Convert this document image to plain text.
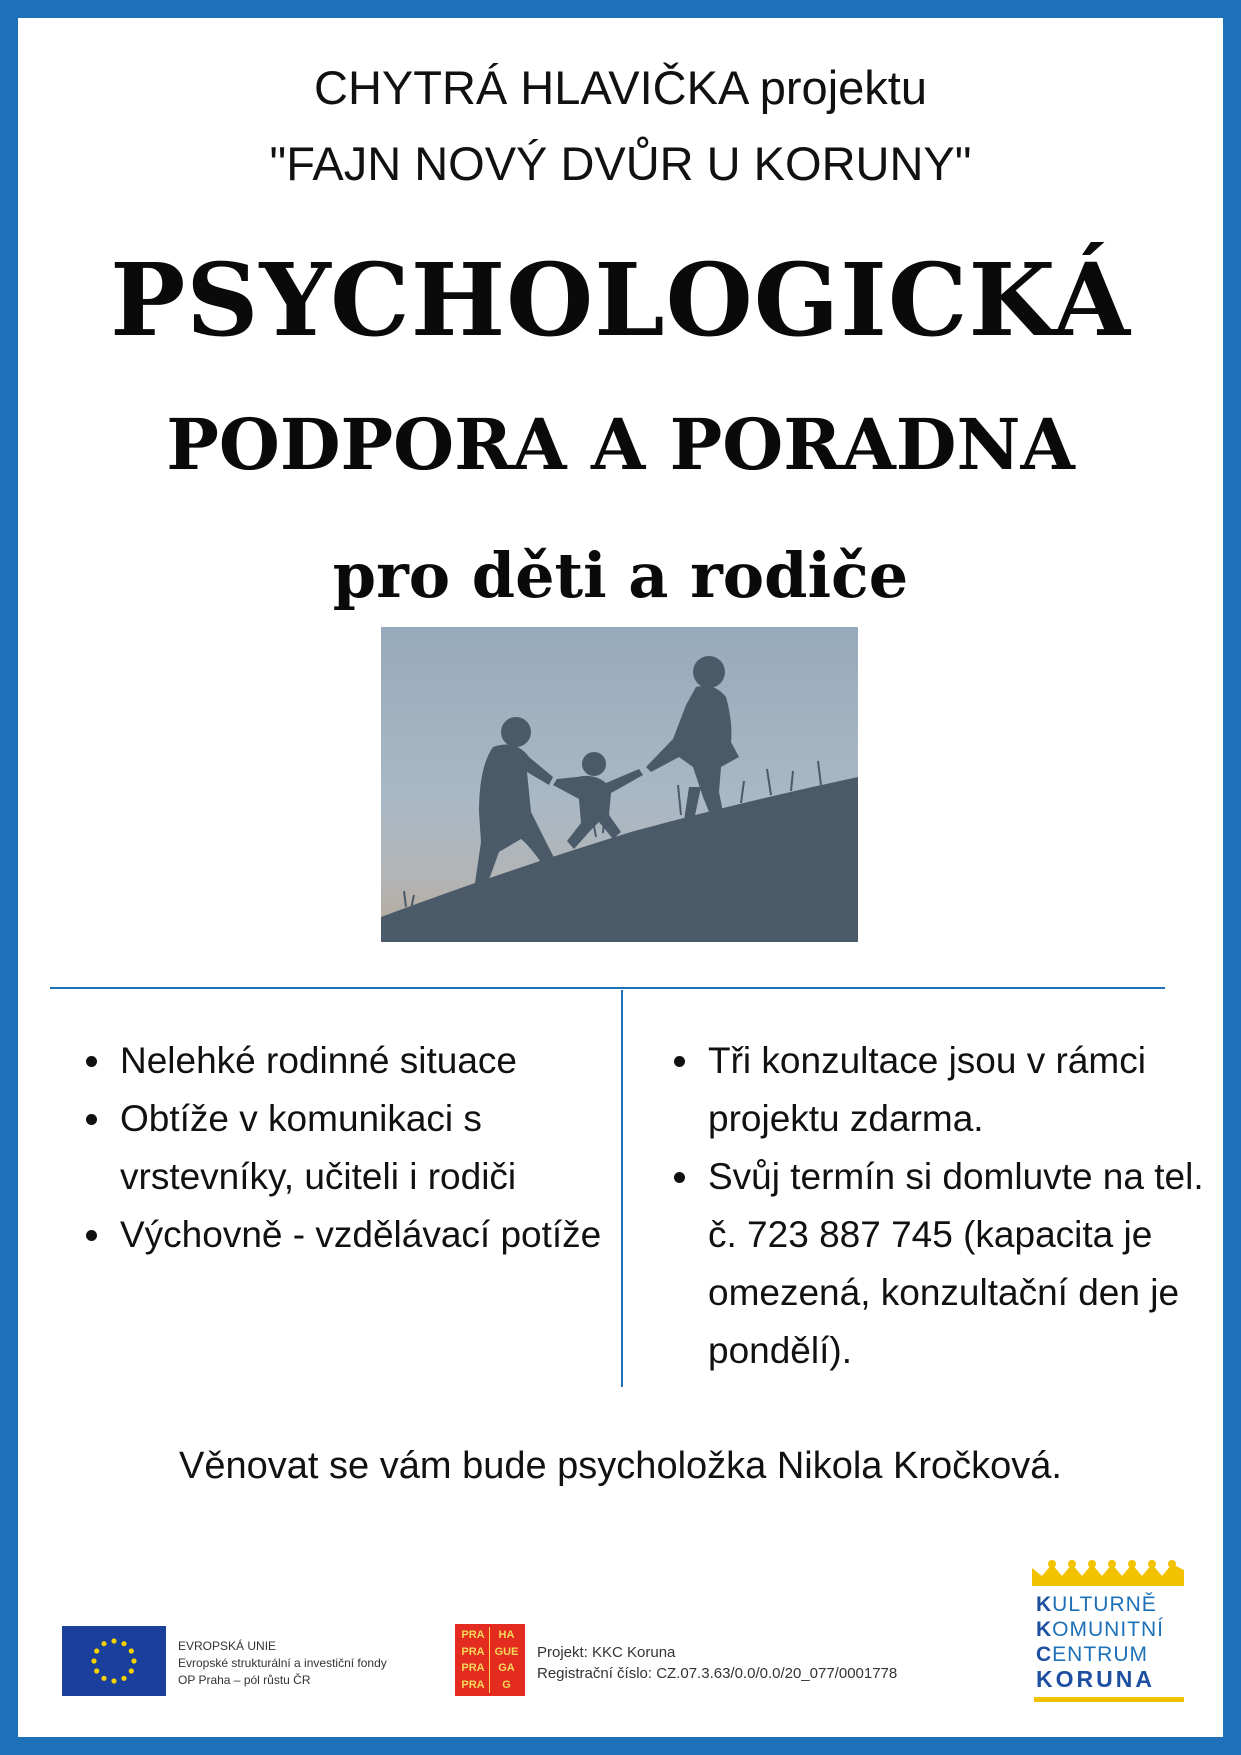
CHYTRÁ HLAVIČKA projektu
"FAJN NOVÝ DVŮR U KORUNY"
PSYCHOLOGICKÁ
PODPORA A PORADNA
pro děti a rodiče
Nelehké rodinné situace
Obtíže v komunikaci s vrstevníky, učiteli i rodiči
Výchovně - vzdělávací potíže
Tři konzultace jsou v rámci projektu zdarma.
Svůj termín si domluvte na tel. č. 723 887 745 (kapacita je omezená, konzultační den je pondělí).
Věnovat se vám bude psycholožka Nikola Kročková.
EVROPSKÁ UNIE
Evropské strukturální a investiční fondy
OP Praha – pól růstu ČR
PRA	HA
PRA GUE
PRA	GA
PRA	G
Projekt: KKC Koruna
Registrační číslo: CZ.07.3.63/0.0/0.0/20_077/0001778
KULTURNĚ
KOMUNITNÍ
CENTRUM
KORUNA
